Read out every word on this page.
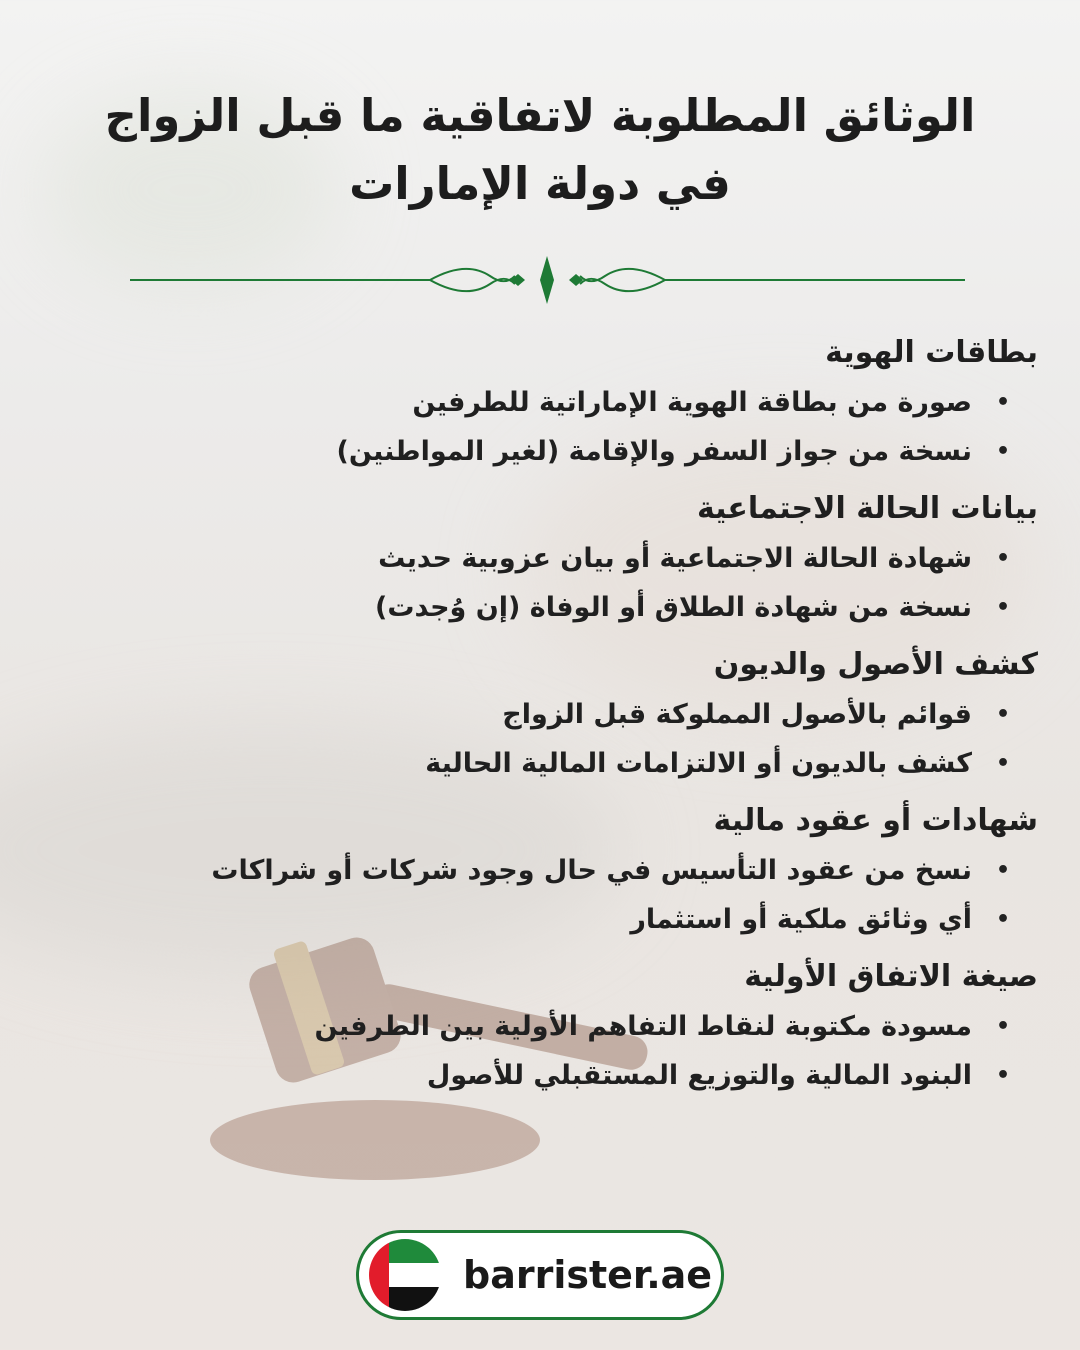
الوثائق المطلوبة لاتفاقية ما قبل الزواج
في دولة الإمارات
بطاقات الهوية
• صورة من بطاقة الهوية الإماراتية للطرفين
• نسخة من جواز السفر والإقامة (لغير المواطنين)
بيانات الحالة الاجتماعية
• شهادة الحالة الاجتماعية أو بيان عزوبية حديث
• نسخة من شهادة الطلاق أو الوفاة (إن وُجدت)
كشف الأصول والديون
• قوائم بالأصول المملوكة قبل الزواج
• كشف بالديون أو الالتزامات المالية الحالية
شهادات أو عقود مالية
• نسخ من عقود التأسيس في حال وجود شركات أو شراكات
• أي وثائق ملكية أو استثمار
صيغة الاتفاق الأولية
• مسودة مكتوبة لنقاط التفاهم الأولية بين الطرفين
• البنود المالية والتوزيع المستقبلي للأصول
barrister.ae
